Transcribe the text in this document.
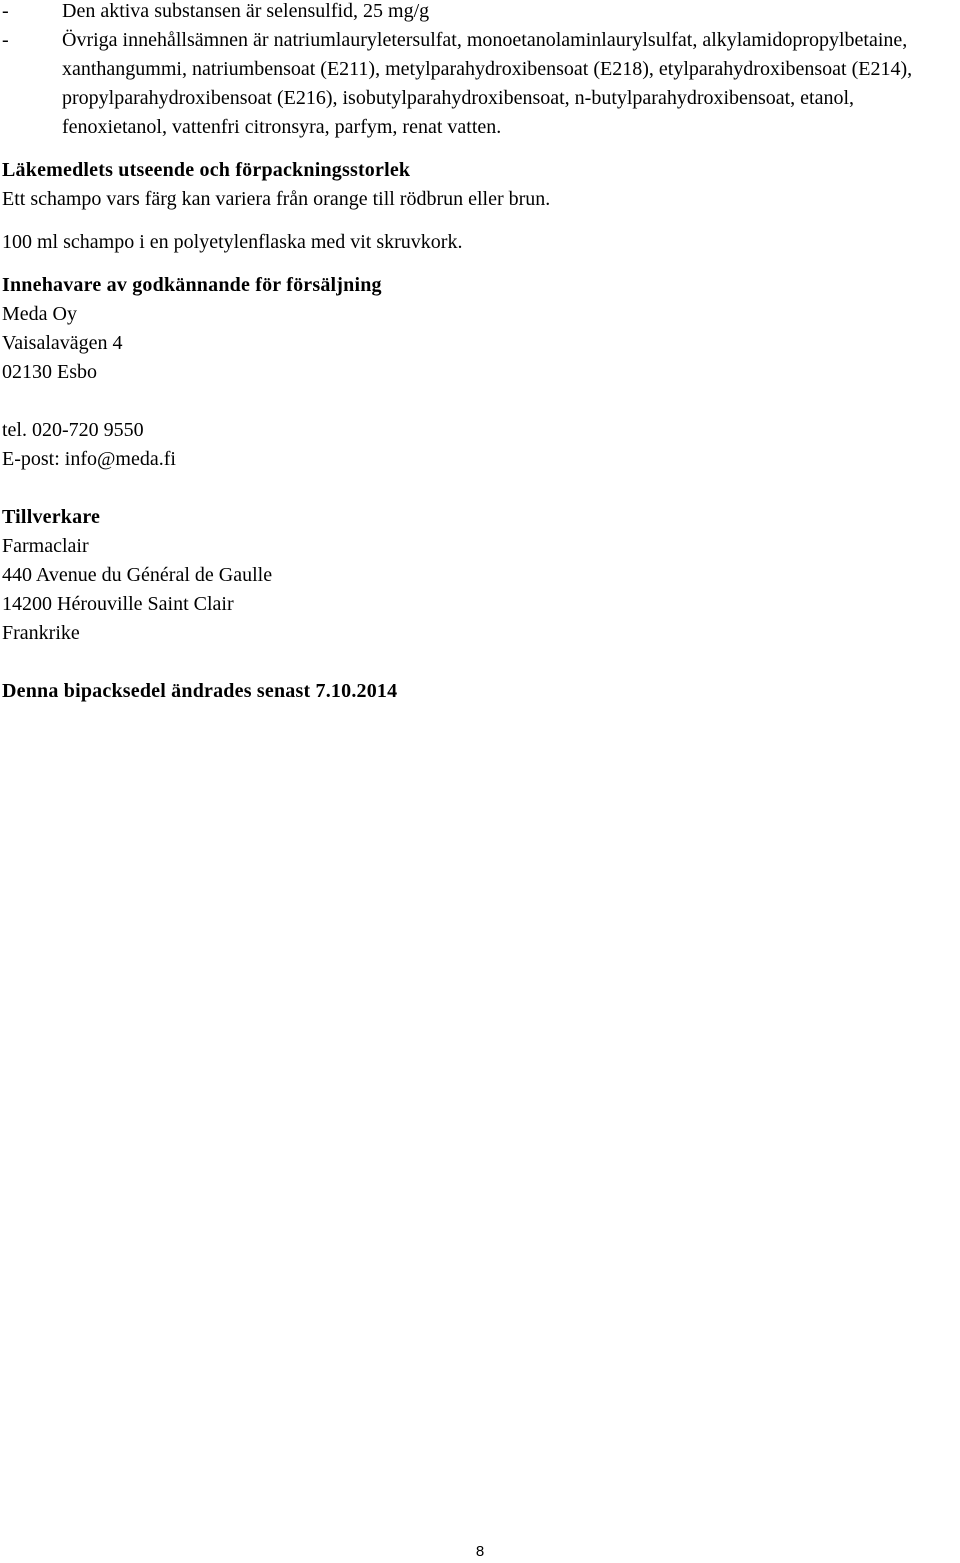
-	Den aktiva substansen är selensulfid, 25 mg/g
-	Övriga innehållsämnen är natriumlauryletersulfat, monoetanolaminlaurylsulfat, alkylamidopropylbetaine, xanthangummi, natriumbensoat (E211), metylparahydroxibensoat (E218), etylparahydroxibensoat (E214), propylparahydroxibensoat (E216), isobutylparahydroxibensoat, n-butylparahydroxibensoat, etanol, fenoxietanol, vattenfri citronsyra, parfym, renat vatten.
Läkemedlets utseende och förpackningsstorlek
Ett schampo vars färg kan variera från orange till rödbrun eller brun.
100 ml schampo i en polyetylenflaska med vit skruvkork.
Innehavare av godkännande för försäljning
Meda Oy
Vaisalavägen 4
02130 Esbo
tel. 020-720 9550
E-post: info@meda.fi
Tillverkare
Farmaclair
440 Avenue du Général de Gaulle
14200 Hérouville Saint Clair
Frankrike
Denna bipacksedel ändrades senast 7.10.2014
8
